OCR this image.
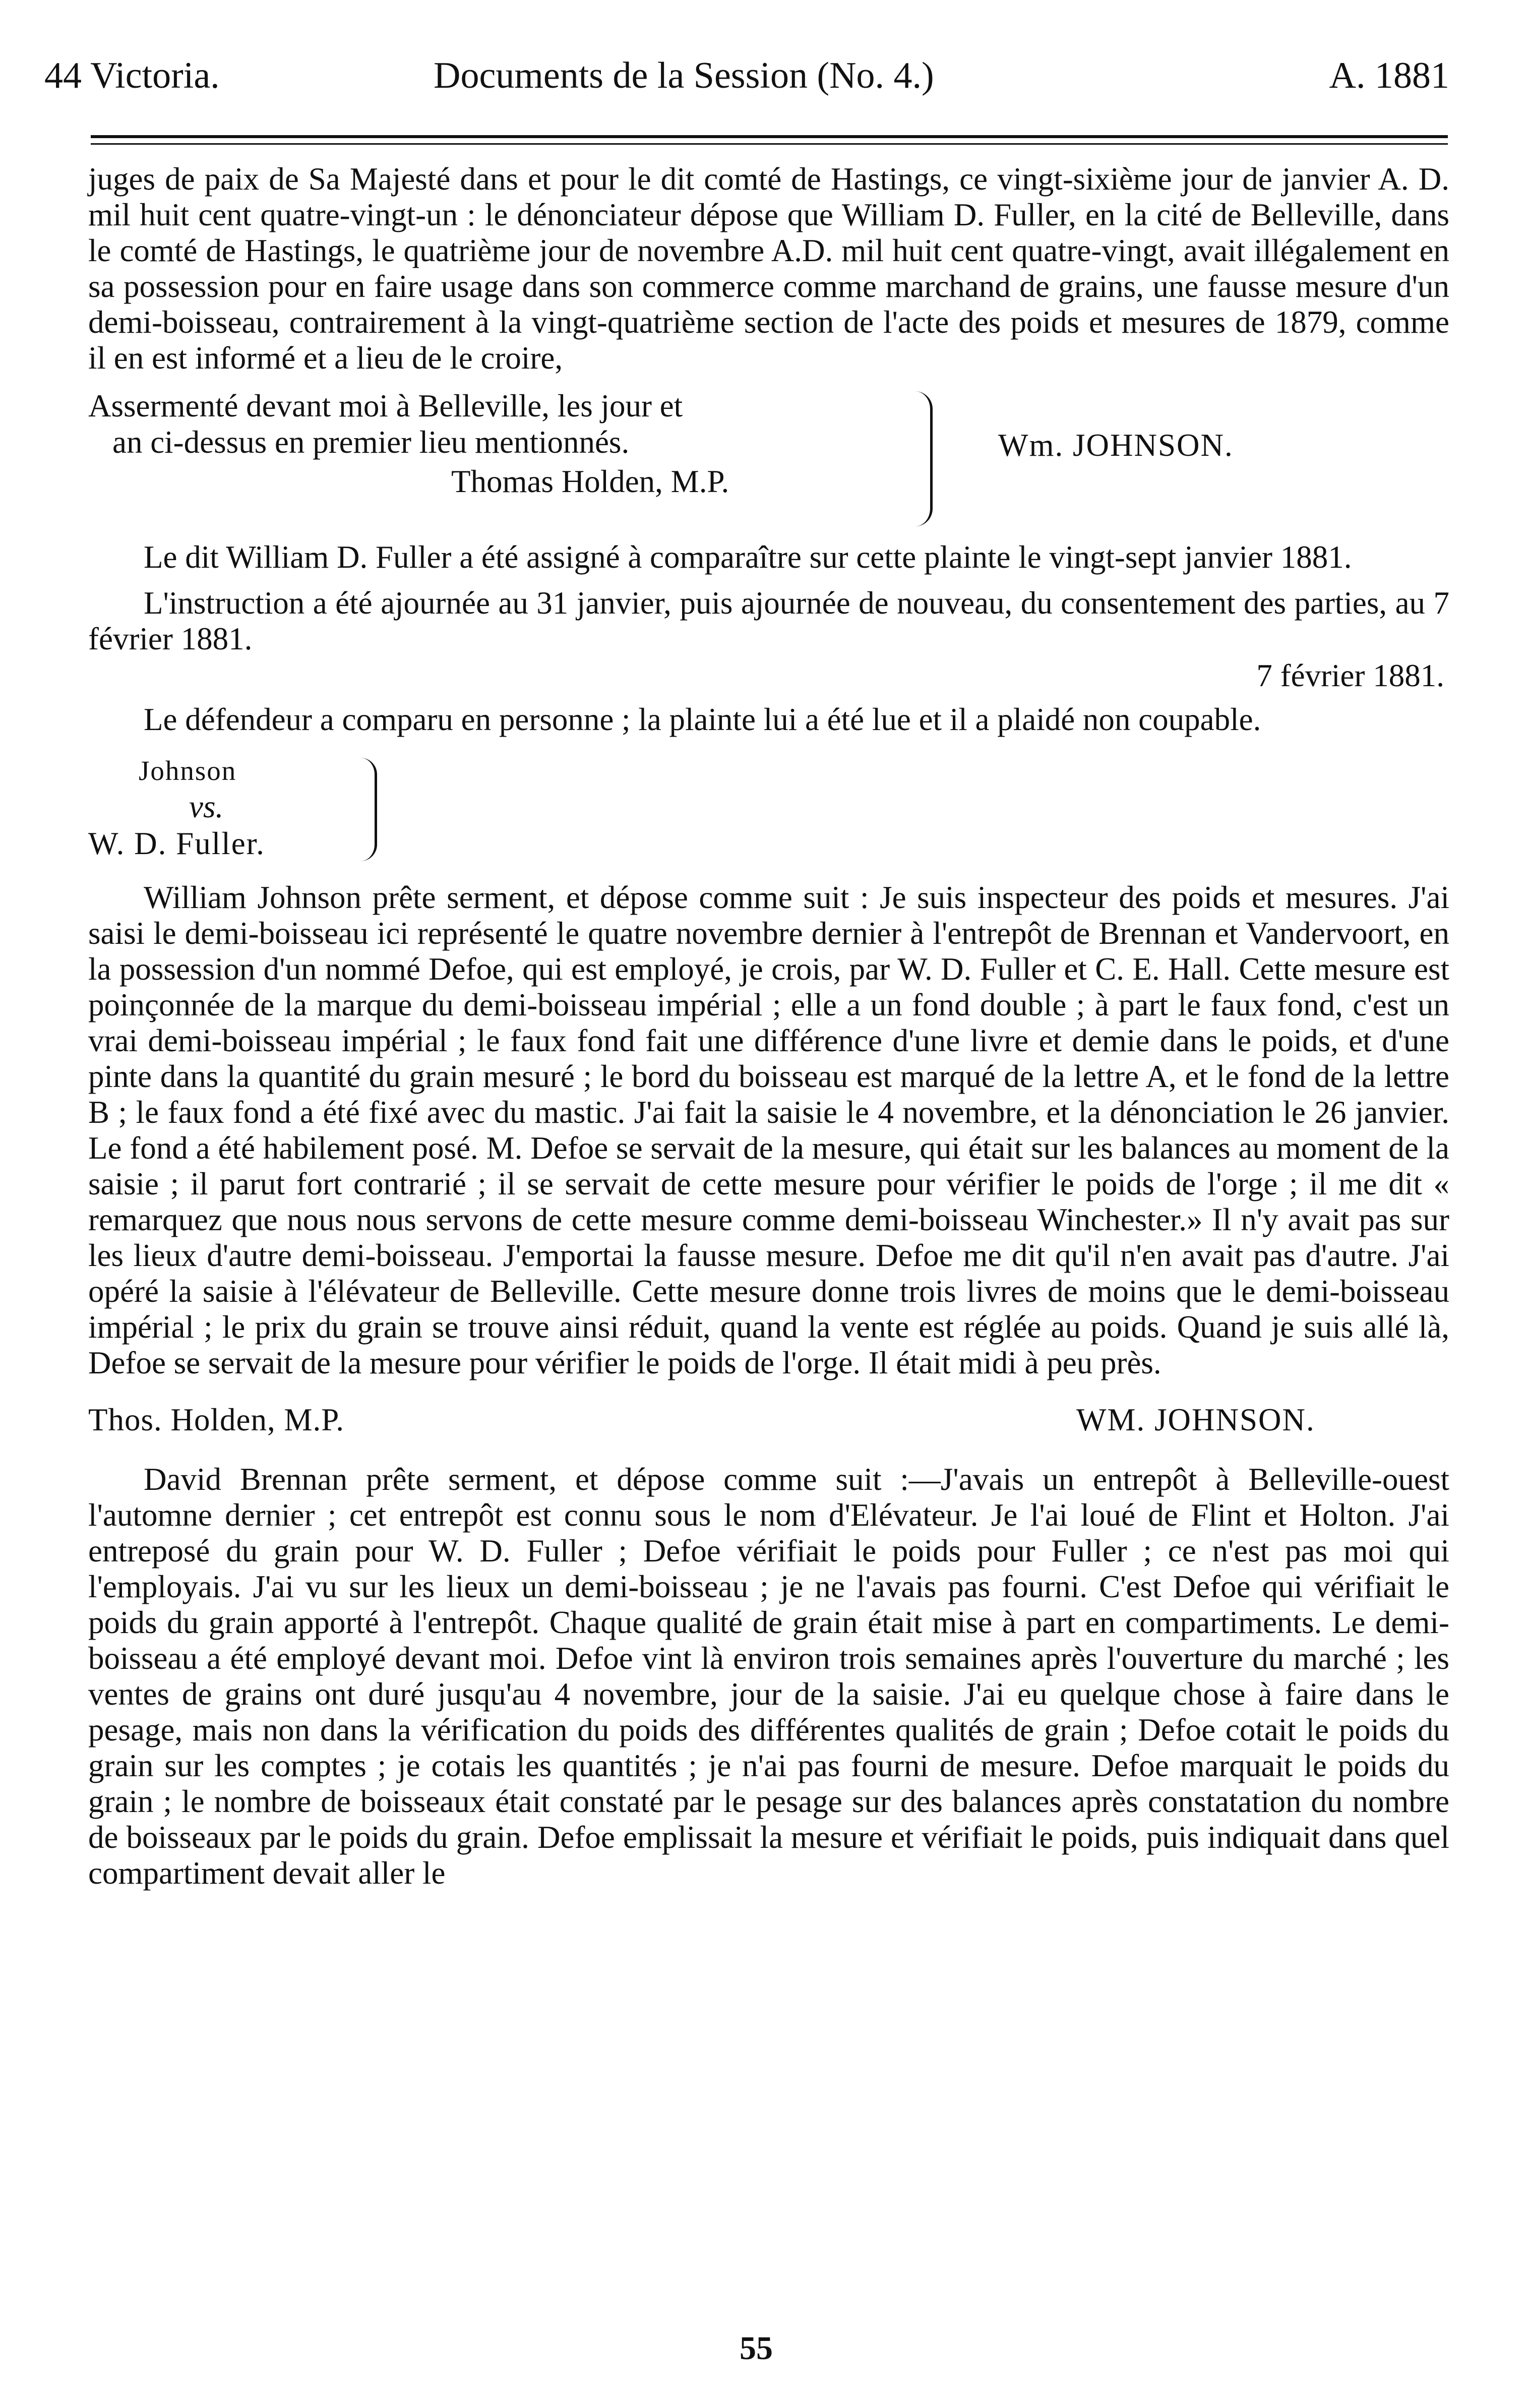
44 Victoria.	Documents de la Session (No. 4.)	A. 1881

juges de paix de Sa Majesté dans et pour le dit comté de Hastings, ce vingt-sixième jour de janvier A. D. mil huit cent quatre-vingt-un : le dénonciateur dépose que William D. Fuller, en la cité de Belleville, dans le comté de Hastings, le quatrième jour de novembre A.D. mil huit cent quatre-vingt, avait illégalement en sa possession pour en faire usage dans son commerce comme marchand de grains, une fausse mesure d'un demi-boisseau, contrairement à la vingt-quatrième section de l'acte des poids et mesures de 1879, comme il en est informé et a lieu de le croire,

Assermenté devant moi à Belleville, les jour et
an ci-dessus en premier lieu mentionnés.
Thomas Holden, M.P.
Wm. JOHNSON.

Le dit William D. Fuller a été assigné à comparaître sur cette plainte le vingt-sept janvier 1881.

L'instruction a été ajournée au 31 janvier, puis ajournée de nouveau, du consentement des parties, au 7 février 1881.

7 février 1881.

Le défendeur a comparu en personne ; la plainte lui a été lue et il a plaidé non coupable.

Johnson
vs.
W. D. Fuller.

William Johnson prête serment, et dépose comme suit : Je suis inspecteur des poids et mesures. J'ai saisi le demi-boisseau ici représenté le quatre novembre dernier à l'entrepôt de Brennan et Vandervoort, en la possession d'un nommé Defoe, qui est employé, je crois, par W. D. Fuller et C. E. Hall. Cette mesure est poinçonnée de la marque du demi-boisseau impérial ; elle a un fond double ; à part le faux fond, c'est un vrai demi-boisseau impérial ; le faux fond fait une différence d'une livre et demie dans le poids, et d'une pinte dans la quantité du grain mesuré ; le bord du boisseau est marqué de la lettre A, et le fond de la lettre B ; le faux fond a été fixé avec du mastic. J'ai fait la saisie le 4 novembre, et la dénonciation le 26 janvier. Le fond a été habilement posé. M. Defoe se servait de la mesure, qui était sur les balances au moment de la saisie ; il parut fort contrarié ; il se servait de cette mesure pour vérifier le poids de l'orge ; il me dit « remarquez que nous nous servons de cette mesure comme demi-boisseau Winchester.» Il n'y avait pas sur les lieux d'autre demi-boisseau. J'emportai la fausse mesure. Defoe me dit qu'il n'en avait pas d'autre. J'ai opéré la saisie à l'élévateur de Belleville. Cette mesure donne trois livres de moins que le demi-boisseau impérial ; le prix du grain se trouve ainsi réduit, quand la vente est réglée au poids. Quand je suis allé là, Defoe se servait de la mesure pour vérifier le poids de l'orge. Il était midi à peu près.

Thos. Holden, M.P.	WM. JOHNSON.

David Brennan prête serment, et dépose comme suit :—J'avais un entrepôt à Belleville-ouest l'automne dernier ; cet entrepôt est connu sous le nom d'Elévateur. Je l'ai loué de Flint et Holton. J'ai entreposé du grain pour W. D. Fuller ; Defoe vérifiait le poids pour Fuller ; ce n'est pas moi qui l'employais. J'ai vu sur les lieux un demi-boisseau ; je ne l'avais pas fourni. C'est Defoe qui vérifiait le poids du grain apporté à l'entrepôt. Chaque qualité de grain était mise à part en compartiments. Le demi-boisseau a été employé devant moi. Defoe vint là environ trois semaines après l'ouverture du marché ; les ventes de grains ont duré jusqu'au 4 novembre, jour de la saisie. J'ai eu quelque chose à faire dans le pesage, mais non dans la vérification du poids des différentes qualités de grain ; Defoe cotait le poids du grain sur les comptes ; je cotais les quantités ; je n'ai pas fourni de mesure. Defoe marquait le poids du grain ; le nombre de boisseaux était constaté par le pesage sur des balances après constatation du nombre de boisseaux par le poids du grain. Defoe emplissait la mesure et vérifiait le poids, puis indiquait dans quel compartiment devait aller le

55
